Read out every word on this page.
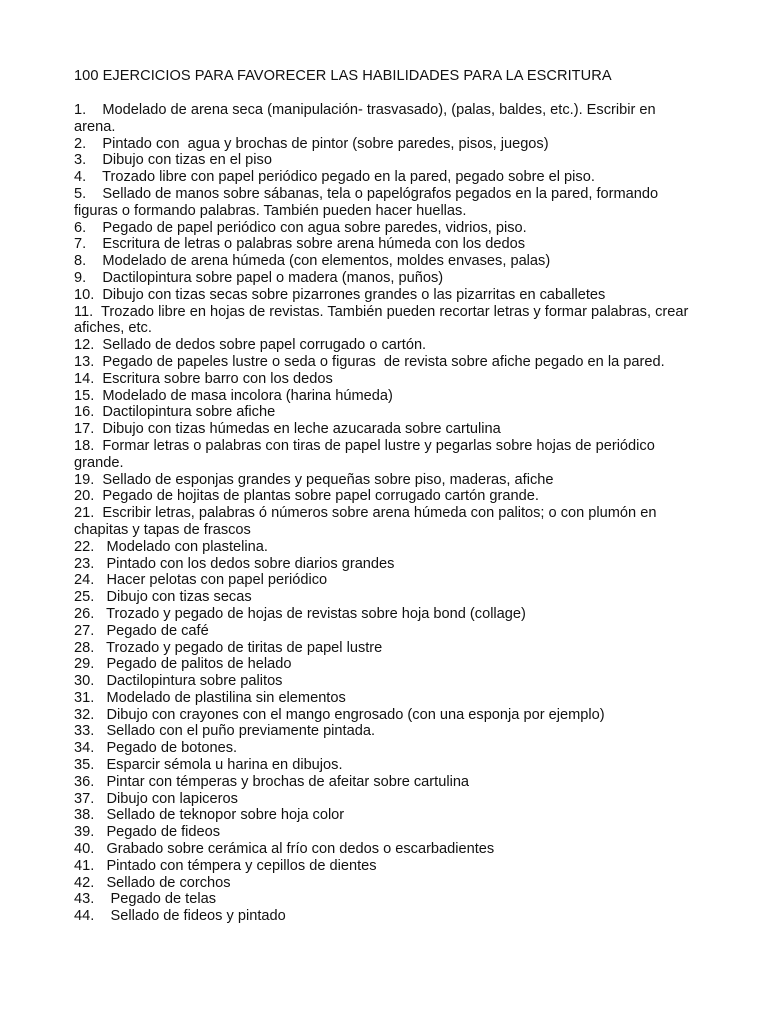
100 EJERCICIOS PARA FAVORECER LAS HABILIDADES PARA LA ESCRITURA
1.    Modelado de arena seca (manipulación- trasvasado), (palas, baldes, etc.). Escribir en arena.
2.    Pintado con  agua y brochas de pintor (sobre paredes, pisos, juegos)
3.    Dibujo con tizas en el piso
4.    Trozado libre con papel periódico pegado en la pared, pegado sobre el piso.
5.    Sellado de manos sobre sábanas, tela o papelógrafos pegados en la pared, formando figuras o formando palabras. También pueden hacer huellas.
6.    Pegado de papel periódico con agua sobre paredes, vidrios, piso.
7.    Escritura de letras o palabras sobre arena húmeda con los dedos
8.    Modelado de arena húmeda (con elementos, moldes envases, palas)
9.    Dactilopintura sobre papel o madera (manos, puños)
10.  Dibujo con tizas secas sobre pizarrones grandes o las pizarritas en caballetes
11.  Trozado libre en hojas de revistas. También pueden recortar letras y formar palabras, crear afiches, etc.
12.  Sellado de dedos sobre papel corrugado o cartón.
13.  Pegado de papeles lustre o seda o figuras  de revista sobre afiche pegado en la pared.
14.  Escritura sobre barro con los dedos
15.  Modelado de masa incolora (harina húmeda)
16.  Dactilopintura sobre afiche
17.  Dibujo con tizas húmedas en leche azucarada sobre cartulina
18.  Formar letras o palabras con tiras de papel lustre y pegarlas sobre hojas de periódico grande.
19.  Sellado de esponjas grandes y pequeñas sobre piso, maderas, afiche
20.  Pegado de hojitas de plantas sobre papel corrugado cartón grande.
21.  Escribir letras, palabras ó números sobre arena húmeda con palitos; o con plumón en chapitas y tapas de frascos
22.   Modelado con plastelina.
23.   Pintado con los dedos sobre diarios grandes
24.   Hacer pelotas con papel periódico
25.   Dibujo con tizas secas
26.   Trozado y pegado de hojas de revistas sobre hoja bond (collage)
27.   Pegado de café
28.   Trozado y pegado de tiritas de papel lustre
29.   Pegado de palitos de helado
30.   Dactilopintura sobre palitos
31.   Modelado de plastilina sin elementos
32.   Dibujo con crayones con el mango engrosado (con una esponja por ejemplo)
33.   Sellado con el puño previamente pintada.
34.   Pegado de botones.
35.   Esparcir sémola u harina en dibujos.
36.   Pintar con témperas y brochas de afeitar sobre cartulina
37.   Dibujo con lapiceros
38.   Sellado de teknopor sobre hoja color
39.   Pegado de fideos
40.   Grabado sobre cerámica al frío con dedos o escarbadientes
41.   Pintado con témpera y cepillos de dientes
42.   Sellado de corchos
43.    Pegado de telas
44.    Sellado de fideos y pintado
